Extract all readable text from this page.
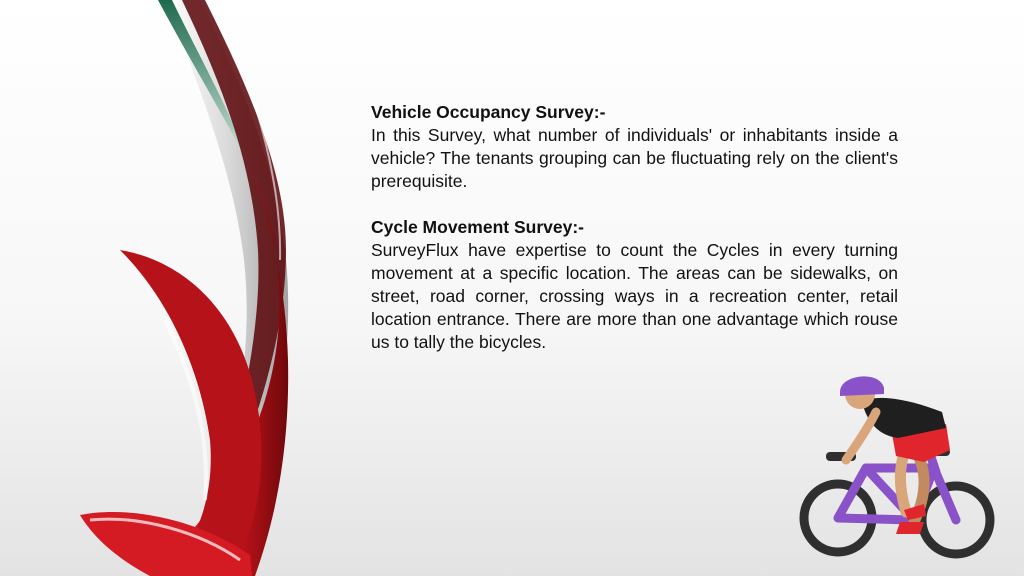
Vehicle Occupancy Survey:-

In this Survey, what number of individuals' or inhabitants inside a vehicle? The tenants grouping can be fluctuating rely on the client's prerequisite.

Cycle Movement Survey:-

SurveyFlux have expertise to count the Cycles in every turning movement at a specific location. The areas can be sidewalks, on street, road corner, crossing ways in a recreation center, retail location entrance. There are more than one advantage which rouse us to tally the bicycles.
